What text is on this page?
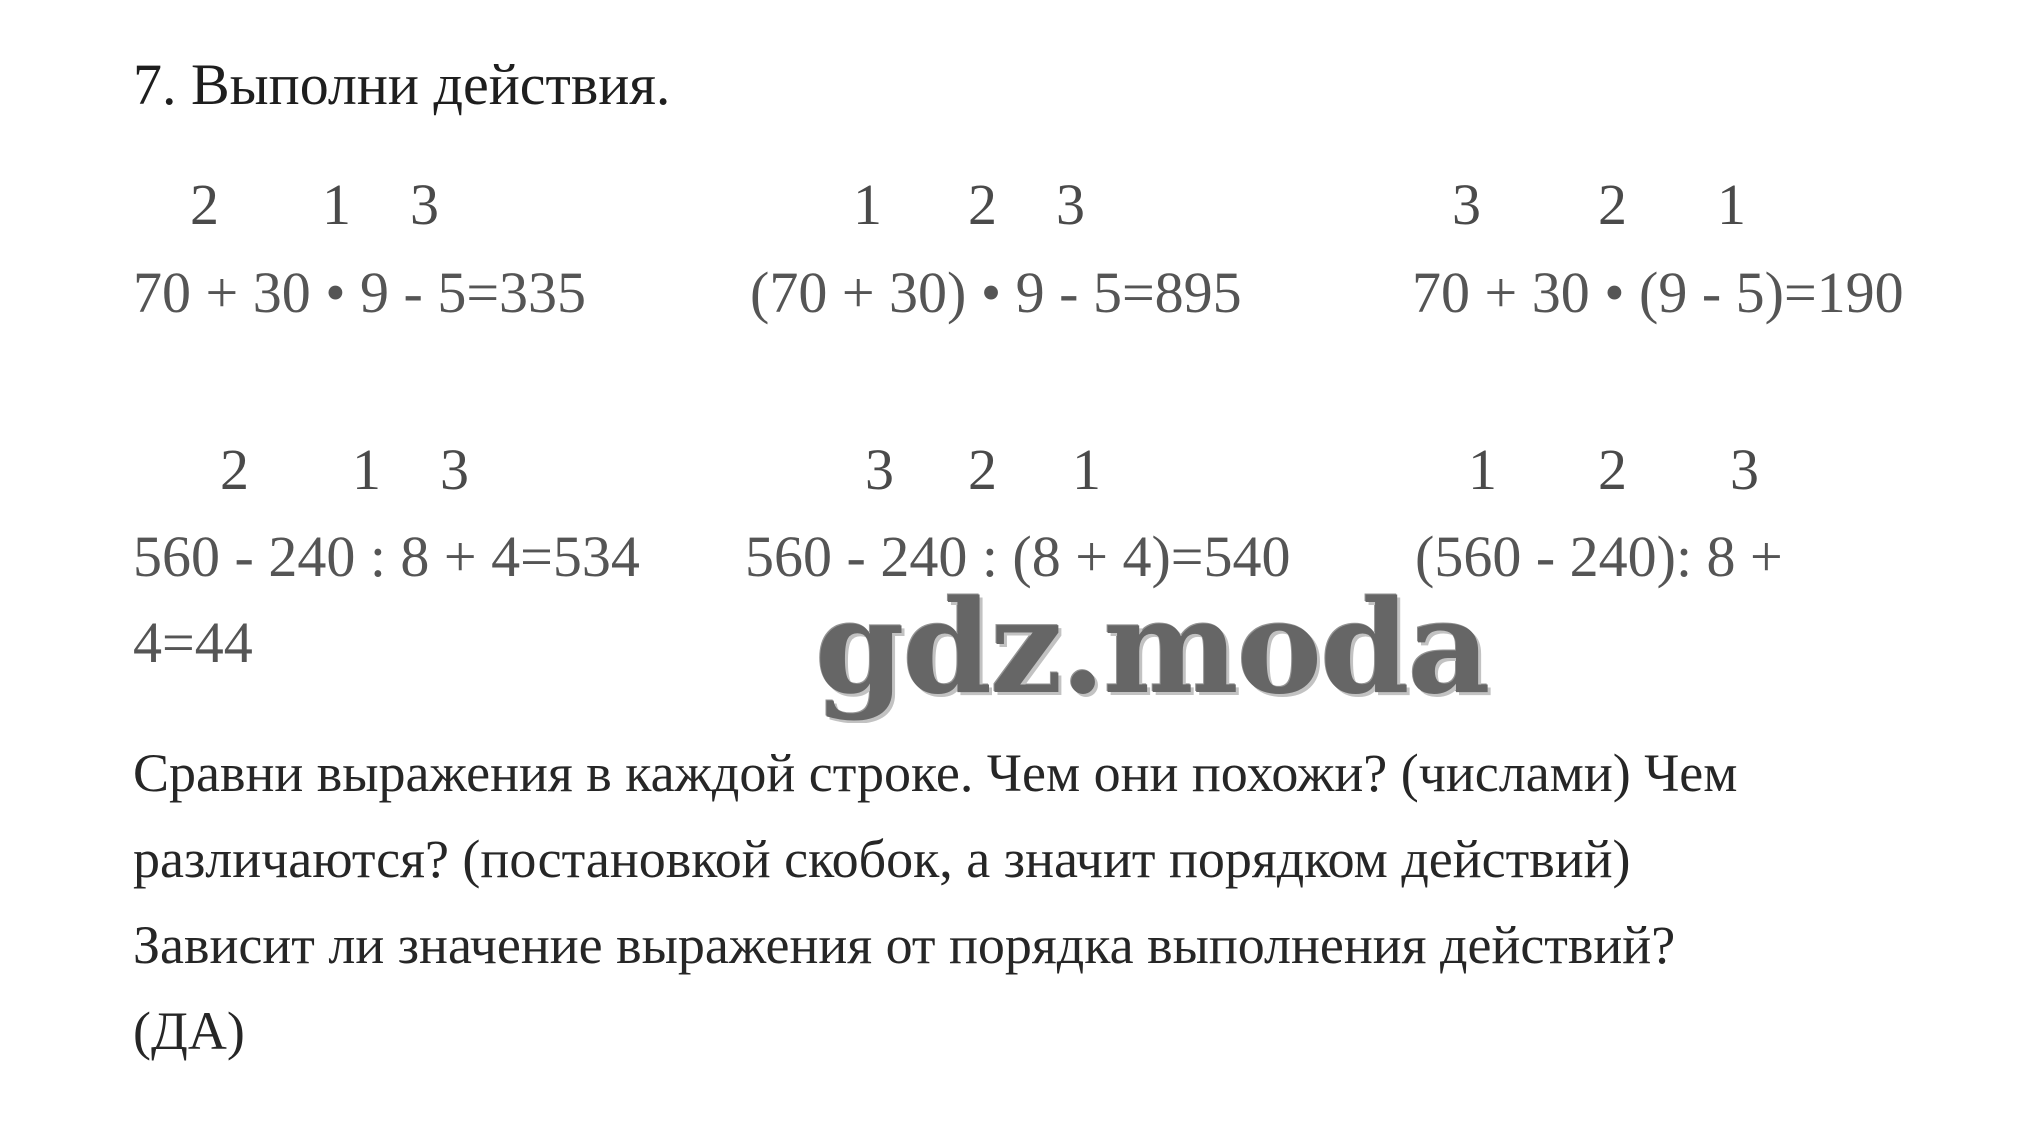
7. Выполни действия.
2 1 3	1 2 3	3 2 1
70 + 30 • 9 - 5=335	(70 + 30) • 9 - 5=895	70 + 30 • (9 - 5)=190
2 1 3	3 2 1	1 2 3
560 - 240 : 8 + 4=534 560 - 240 : (8 + 4)=540 (560 - 240): 8 +
4=44	gdz.moda
Сравни выражения в каждой строке. Чем они похожи? (числами) Чем
различаются? (постановкой скобок, а значит порядком действий)
Зависит ли значение выражения от порядка выполнения действий?
(ДА)
